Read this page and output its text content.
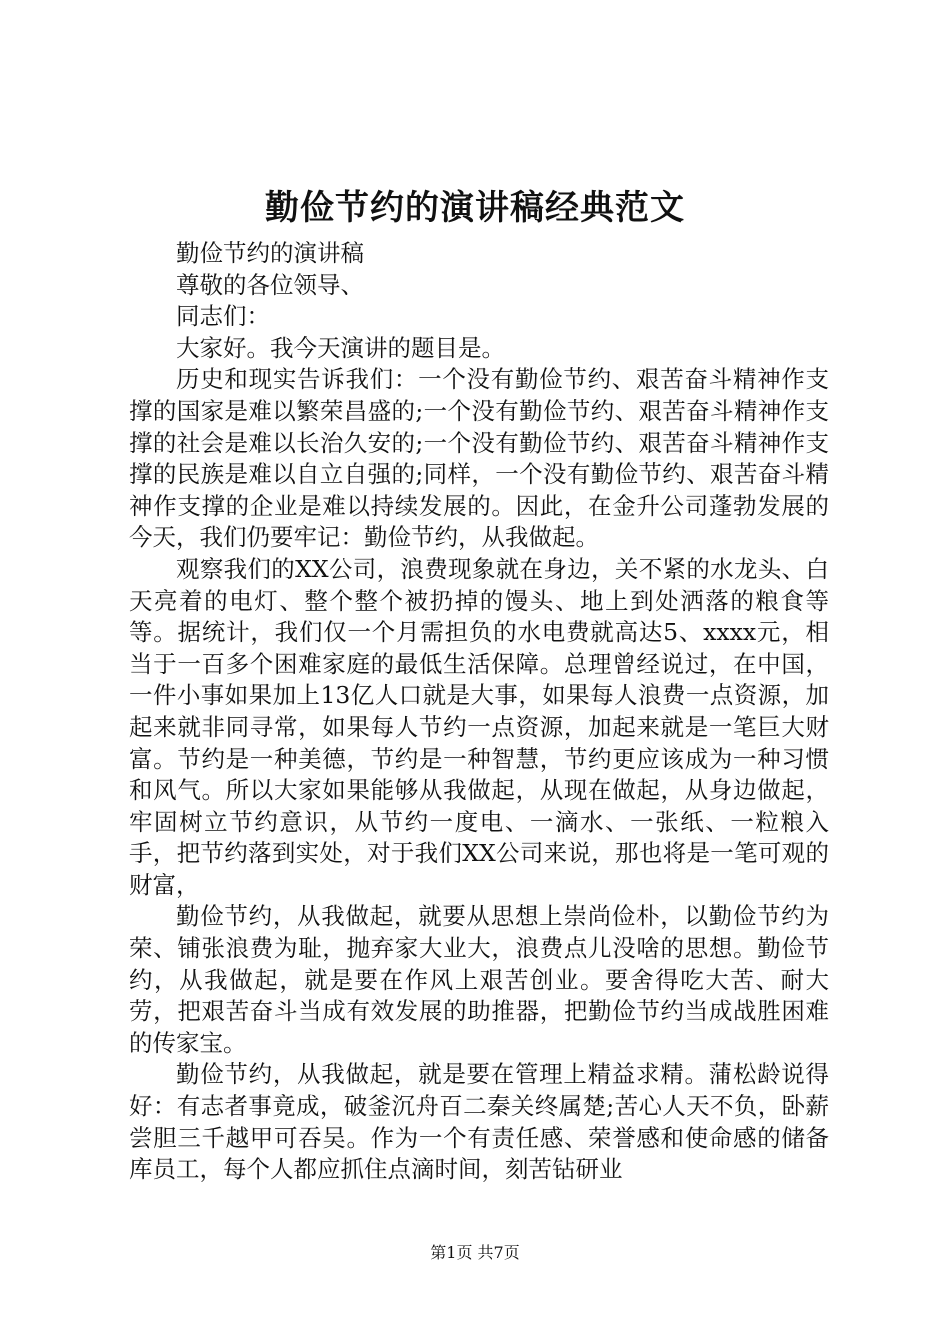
勤俭节约的演讲稿经典范文

勤俭节约的演讲稿

尊敬的各位领导、

同志们：

大家好。我今天演讲的题目是。

历史和现实告诉我们：一个没有勤俭节约、艰苦奋斗精神作支撑的国家是难以繁荣昌盛的;一个没有勤俭节约、艰苦奋斗精神作支撑的社会是难以长治久安的;一个没有勤俭节约、艰苦奋斗精神作支撑的民族是难以自立自强的;同样，一个没有勤俭节约、艰苦奋斗精神作支撑的企业是难以持续发展的。因此，在金升公司蓬勃发展的今天，我们仍要牢记：勤俭节约，从我做起。

观察我们的XX公司，浪费现象就在身边，关不紧的水龙头、白天亮着的电灯、整个整个被扔掉的馒头、地上到处洒落的粮食等等。据统计，我们仅一个月需担负的水电费就高达5、xxxx元，相当于一百多个困难家庭的最低生活保障。总理曾经说过，在中国，一件小事如果加上13亿人口就是大事，如果每人浪费一点资源，加起来就非同寻常，如果每人节约一点资源，加起来就是一笔巨大财富。节约是一种美德，节约是一种智慧，节约更应该成为一种习惯和风气。所以大家如果能够从我做起，从现在做起，从身边做起，牢固树立节约意识，从节约一度电、一滴水、一张纸、一粒粮入手，把节约落到实处，对于我们XX公司来说，那也将是一笔可观的财富，

勤俭节约，从我做起，就要从思想上崇尚俭朴，以勤俭节约为荣、铺张浪费为耻，抛弃家大业大，浪费点儿没啥的思想。勤俭节约，从我做起，就是要在作风上艰苦创业。要舍得吃大苦、耐大劳，把艰苦奋斗当成有效发展的助推器，把勤俭节约当成战胜困难的传家宝。

勤俭节约，从我做起，就是要在管理上精益求精。蒲松龄说得好：有志者事竟成，破釜沉舟百二秦关终属楚;苦心人天不负，卧薪尝胆三千越甲可吞吴。作为一个有责任感、荣誉感和使命感的储备库员工，每个人都应抓住点滴时间，刻苦钻研业

第1页 共7页
